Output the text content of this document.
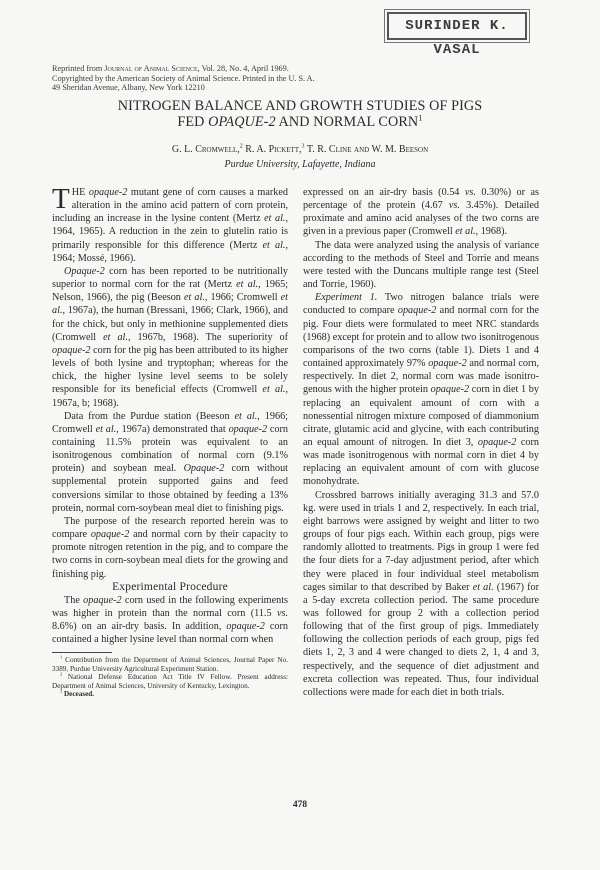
SURINDER K. VASAL
Reprinted from Journal of Animal Science, Vol. 28, No. 4, April 1969.
Copyrighted by the American Society of Animal Science. Printed in the U. S. A.
49 Sheridan Avenue, Albany, New York 12210
NITROGEN BALANCE AND GROWTH STUDIES OF PIGS
FED OPAQUE-2 AND NORMAL CORN$^1$
G. L. Cromwell,$^2$ R. A. Pickett,$^3$ T. R. Cline and W. M. Beeson
Purdue University, Lafayette, Indiana

THE opaque-2 mutant gene of corn causes a marked alteration in the amino acid pattern of corn protein, including an increase in the lysine content (Mertz et al., 1964, 1965). A reduction in the zein to glutelin ratio is primarily responsible for this difference (Mertz et al., 1964; Mossé, 1966).

Opaque-2 corn has been reported to be nutritionally superior to normal corn for the rat (Mertz et al., 1965; Nelson, 1966), the pig (Beeson et al., 1966; Cromwell et al., 1967a), the human (Bressani, 1966; Clark, 1966), and for the chick, but only in methionine supplemented diets (Cromwell et al., 1967b, 1968). The superiority of opaque-2 corn for the pig has been attributed to its higher levels of both lysine and tryptophan; whereas for the chick, the higher lysine level seems to be solely responsible for its beneficial effects (Cromwell et al., 1967a, b; 1968).

Data from the Purdue station (Beeson et al., 1966; Cromwell et al., 1967a) demonstrated that opaque-2 corn containing 11.5% protein was equivalent to an isonitrogenous combination of normal corn (9.1% protein) and soybean meal. Opaque-2 corn without supplemental protein supported gains and feed conversions similar to those obtained by feeding a 13% protein, normal corn-soybean meal diet to finishing pigs.

The purpose of the research reported herein was to compare opaque-2 and normal corn by their capacity to promote nitrogen retention in the pig, and to compare the two corns in corn-soybean meal diets for the growing and finishing pig.

Experimental Procedure

The opaque-2 corn used in the following experiments was higher in protein than the normal corn (11.5 vs. 8.6%) on an air-dry basis. In addition, opaque-2 corn contained a higher lysine level than normal corn when

$^1$ Contribution from the Department of Animal Sciences, Journal Paper No. 3389, Purdue University Agricultural Experiment Station.

$^2$ National Defense Education Act Title IV Fellow. Present address: Department of Animal Sciences, University of Kentucky, Lexington.

$^3$ Deceased.

expressed on an air-dry basis (0.54 vs. 0.30%) or as percentage of the protein (4.67 vs. 3.45%). Detailed proximate and amino acid analyses of the two corns are given in a previous paper (Cromwell et al., 1968).

The data were analyzed using the analysis of variance according to the methods of Steel and Torrie and means were tested with the Duncans multiple range test (Steel and Torrie, 1960).

Experiment 1. Two nitrogen balance trials were conducted to compare opaque-2 and normal corn for the pig. Four diets were formulated to meet NRC standards (1968) except for protein and to allow two isonitrogenous comparisons of the two corns (table 1). Diets 1 and 4 contained approximately 97% opaque-2 and normal corn, respectively. In diet 2, normal corn was made isonitrogenous with the higher protein opaque-2 corn in diet 1 by replacing an equivalent amount of corn with a nonessential nitrogen mixture composed of diammonium citrate, glutamic acid and glycine, with each contributing an equal amount of nitrogen. In diet 3, opaque-2 corn was made isonitrogenous with normal corn in diet 4 by replacing an equivalent amount of corn with glucose monohydrate.

Crossbred barrows initially averaging 31.3 and 57.0 kg. were used in trials 1 and 2, respectively. In each trial, eight barrows were assigned by weight and litter to two groups of four pigs each. Within each group, pigs were randomly allotted to treatments. Pigs in group 1 were fed the four diets for a 7-day adjustment period, after which they were placed in four individual steel metabolism cages similar to that described by Baker et al. (1967) for a 5-day excreta collection period. The same procedure was followed for group 2 with a collection period following that of the first group of pigs. Immediately following the collection periods of each group, pigs fed diets 1, 2, 3 and 4 were changed to diets 2, 1, 4 and 3, respectively, and the sequence of diet adjustment and excreta collection was repeated. Thus, four individual collections were made for each diet in both trials.

478
